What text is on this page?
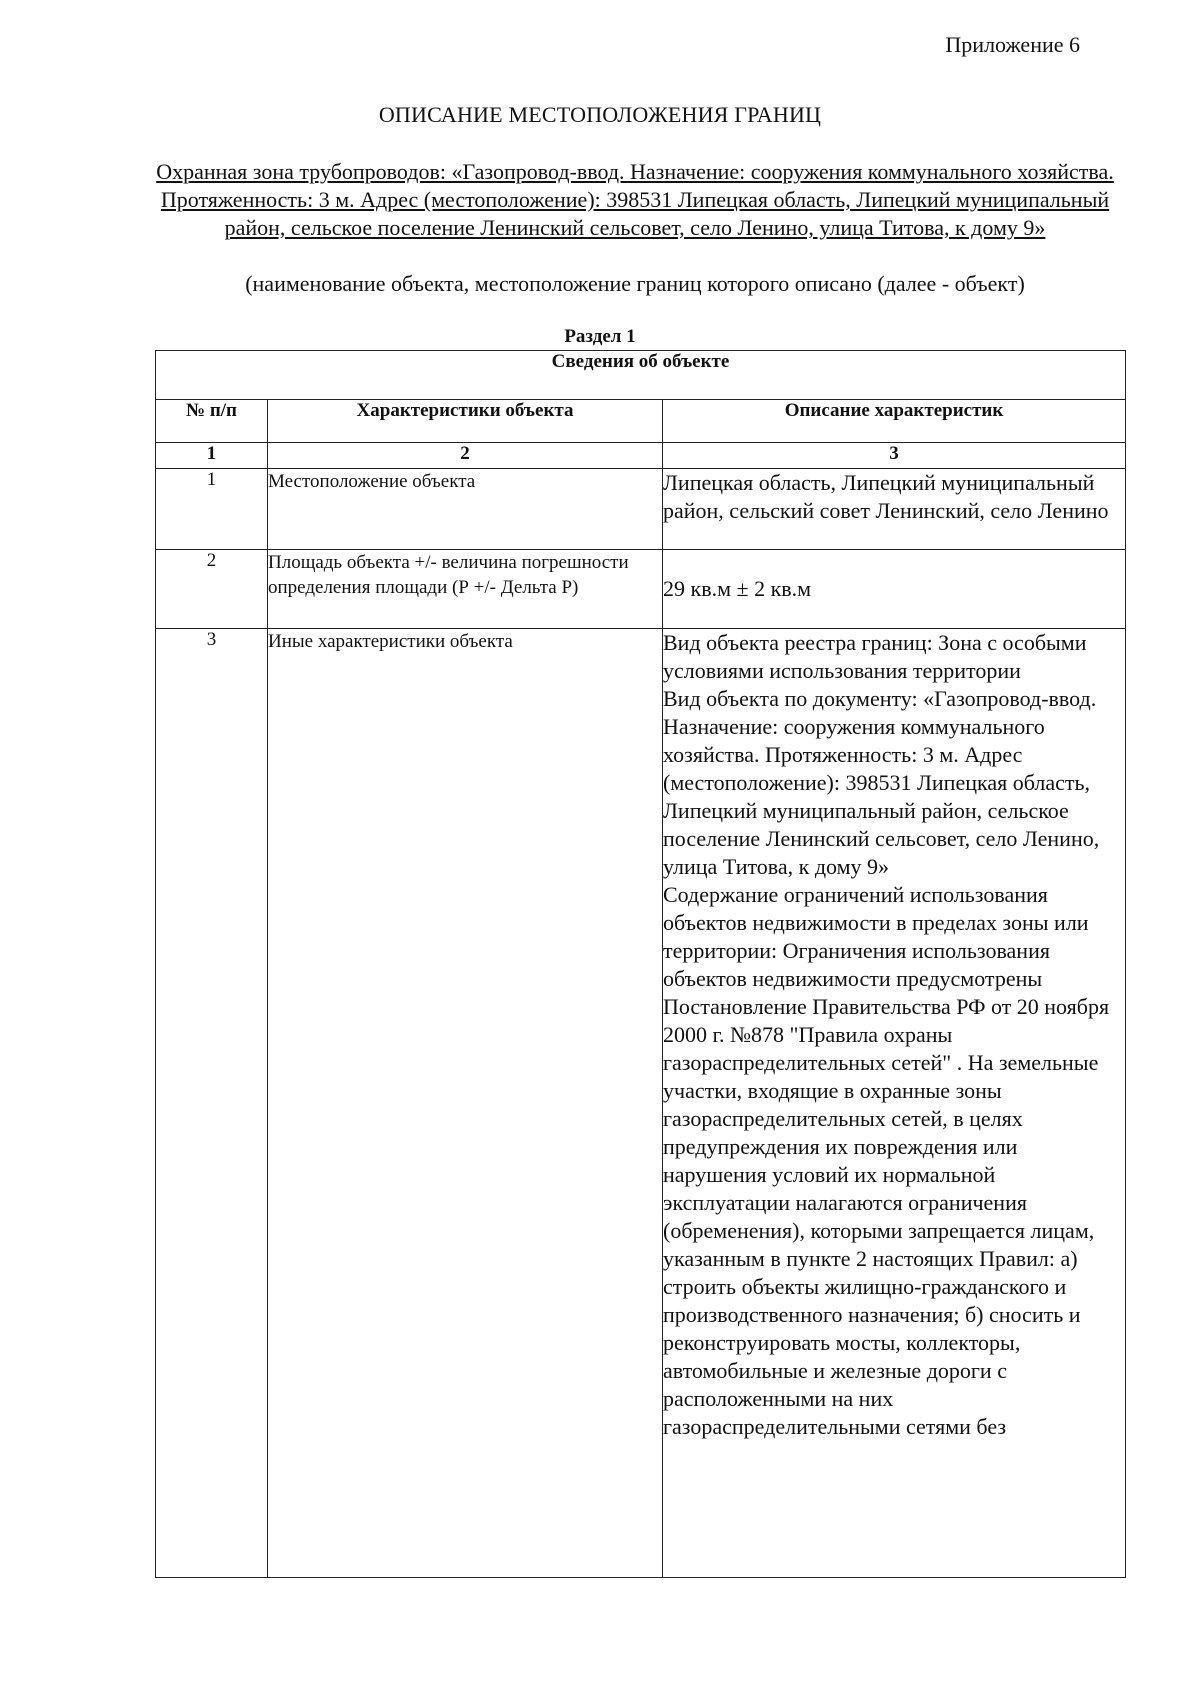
Приложение 6
ОПИСАНИЕ МЕСТОПОЛОЖЕНИЯ ГРАНИЦ
Охранная зона трубопроводов: «Газопровод-ввод. Назначение: сооружения коммунального хозяйства. Протяженность: 3 м. Адрес (местоположение): 398531 Липецкая область, Липецкий муниципальный район, сельское поселение Ленинский сельсовет, село Ленино, улица Титова, к дому 9»
(наименование объекта, местоположение границ которого описано (далее - объект)
Раздел 1
Сведения об объекте		
№ п/п	Характеристики объекта	Описание характеристик
1	2	3
1	Местоположение объекта	Липецкая область, Липецкий муниципальный район, сельский совет Ленинский, село Ленино
2	Площадь объекта +/- величина погрешности определения площади (Р +/- Дельта Р)	29 кв.м ± 2 кв.м
3	Иные характеристики объекта	Вид объекта реестра границ: Зона с особыми условиями использования территории
Вид объекта по документу: «Газопровод-ввод. Назначение: сооружения коммунального хозяйства. Протяженность: 3 м. Адрес (местоположение): 398531 Липецкая область, Липецкий муниципальный район, сельское поселение Ленинский сельсовет, село Ленино, улица Титова, к дому 9»
Содержание ограничений использования объектов недвижимости в пределах зоны или территории: Ограничения использования объектов недвижимости предусмотрены Постановление Правительства РФ от 20 ноября 2000 г. №878 "Правила охраны газораспределительных сетей" . На земельные участки, входящие в охранные зоны газораспределительных сетей, в целях предупреждения их повреждения или нарушения условий их нормальной эксплуатации налагаются ограничения (обременения), которыми запрещается лицам, указанным в пункте 2 настоящих Правил: а) строить объекты жилищно-гражданского и производственного назначения; б) сносить и реконструировать мосты, коллекторы, автомобильные и железные дороги с расположенными на них газораспределительными сетями без
